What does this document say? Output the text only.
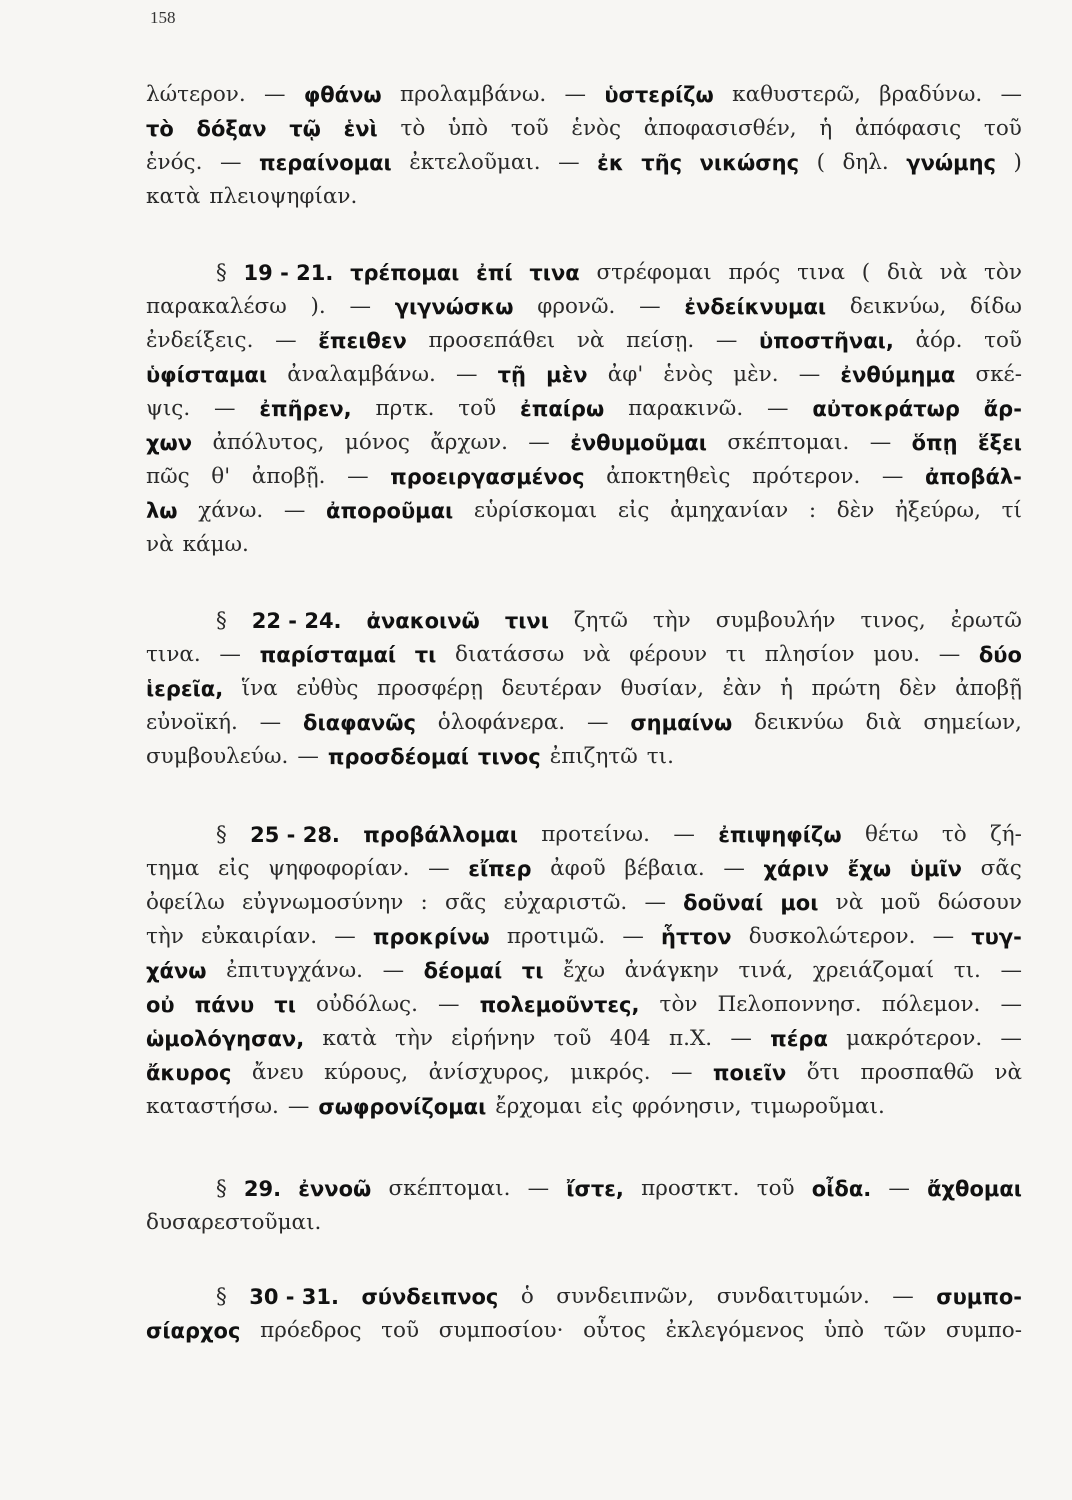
158
λώτερον. — φθάνω προλαμβάνω. — ὑστερίζω καθυστερῶ, βραδύνω. —
τὸ δόξαν τῷ ἑνὶ τὸ ὑπὸ τοῦ ἑνὸς ἀποφασισθέν, ἡ ἀπόφασις τοῦ
ἑνός. — περαίνομαι ἐκτελοῦμαι. — ἐκ τῆς νικώσης ( δηλ. γνώμης )
κατὰ πλειοψηφίαν.
§ 19 - 21. τρέπομαι ἐπί τινα στρέφομαι πρός τινα ( διὰ νὰ τὸν
παρακαλέσω ). — γιγνώσκω φρονῶ. — ἐνδείκνυμαι δεικνύω, δίδω
ἐνδείξεις. — ἔπειθεν προσεπάθει νὰ πείσῃ. — ὑποστῆναι, ἀόρ. τοῦ
ὑφίσταμαι ἀναλαμβάνω. — τῇ μὲν ἀφ' ἑνὸς μὲν. — ἐνθύμημα σκέ-
ψις. — ἐπῆρεν, πρτκ. τοῦ ἐπαίρω παρακινῶ. — αὐτοκράτωρ ἄρ-
χων ἀπόλυτος, μόνος ἄρχων. — ἐνθυμοῦμαι σκέπτομαι. — ὅπῃ ἕξει
πῶς θ' ἀποβῇ. — προειργασμένος ἀποκτηθεὶς πρότερον. — ἀποβάλ-
λω χάνω. — ἀποροῦμαι εὑρίσκομαι εἰς ἀμηχανίαν : δὲν ἠξεύρω, τί
νὰ κάμω.
§ 22 - 24. ἀνακοινῶ τινι ζητῶ τὴν συμβουλήν τινος, ἐρωτῶ
τινα. — παρίσταμαί τι διατάσσω νὰ φέρουν τι πλησίον μου. — δύο
ἱερεῖα, ἵνα εὐθὺς προσφέρῃ δευτέραν θυσίαν, ἐὰν ἡ πρώτη δὲν ἀποβῇ
εὐνοϊκή. — διαφανῶς ὁλοφάνερα. — σημαίνω δεικνύω διὰ σημείων,
συμβουλεύω. — προσδέομαί τινος ἐπιζητῶ τι.
§ 25 - 28. προβάλλομαι προτείνω. — ἐπιψηφίζω θέτω τὸ ζή-
τημα εἰς ψηφοφορίαν. — εἴπερ ἀφοῦ βέβαια. — χάριν ἔχω ὑμῖν σᾶς
ὀφείλω εὐγνωμοσύνην : σᾶς εὐχαριστῶ. — δοῦναί μοι νὰ μοῦ δώσουν
τὴν εὐκαιρίαν. — προκρίνω προτιμῶ. — ἧττον δυσκολώτερον. — τυγ-
χάνω ἐπιτυγχάνω. — δέομαί τι ἔχω ἀνάγκην τινά, χρειάζομαί τι. —
οὐ πάνυ τι οὐδόλως. — πολεμοῦντες, τὸν Πελοποννησ. πόλεμον. —
ὡμολόγησαν, κατὰ τὴν εἰρήνην τοῦ 404 π.Χ. — πέρα μακρότερον. —
ἄκυρος ἄνευ κύρους, ἀνίσχυρος, μικρός. — ποιεῖν ὅτι προσπαθῶ νὰ
καταστήσω. — σωφρονίζομαι ἔρχομαι εἰς φρόνησιν, τιμωροῦμαι.
§ 29. ἐννοῶ σκέπτομαι. — ἴστε, προστκτ. τοῦ οἶδα. — ἄχθομαι
δυσαρεστοῦμαι.
§ 30 - 31. σύνδειπνος ὁ συνδειπνῶν, συνδαιτυμών. — συμπο-
σίαρχος πρόεδρος τοῦ συμποσίου· οὗτος ἐκλεγόμενος ὑπὸ τῶν συμπο-
